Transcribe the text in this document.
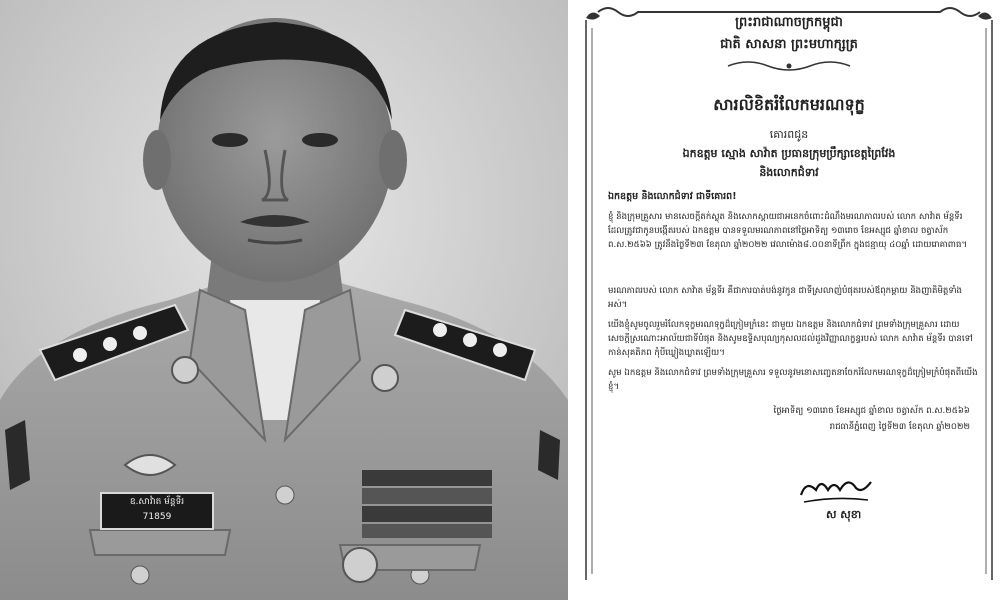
ឧ.សាវ៉ាត ម័ន្តទីរ
71859
ព្រះរាជាណាចក្រកម្ពុជា
ជាតិ សាសនា ព្រះមហាក្សត្រ
សារលិខិតរំលែកមរណទុក្ខ
គោរពជូន
ឯកឧត្តម ស្មោង សាវ៉ាត ប្រធានក្រុមប្រឹក្សាខេត្តព្រៃវែង
និងលោកជំទាវ
ឯកឧត្តម និងលោកជំទាវ ជាទីគោរព!
ខ្ញុំ និងក្រុមគ្រួសារ មានសេចក្ដីតក់ស្លុត និងសោកស្ដាយជាអនេកចំពោះដំណឹងមរណភាពរបស់ លោក សាវ៉ាត ម័ន្តទីរ ដែលត្រូវជាកូនបង្កើតរបស់ ឯកឧត្តម បានទទួលមរណភាពនៅថ្ងៃអាទិត្យ ១៣រោច ខែអស្សុជ ឆ្នាំខាល ចត្វាស័ក ព.ស.២៥៦៦ ត្រូវនឹងថ្ងៃទី២៣ ខែតុលា ឆ្នាំ២០២២ វេលាម៉ោង៨.០០នាទីព្រឹក ក្នុងជន្មាយុ ៤០ឆ្នាំ ដោយរោគាពាធ។
មរណភាពរបស់ លោក សាវ៉ាត ម័ន្តទីរ គឺជាការបាត់បង់នូវកូន ជាទីស្រលាញ់បំផុតរបស់ឪពុកម្ដាយ និងញាតិមិត្តទាំងអស់។
យើងខ្ញុំសូមចូលរួមរំលែកទុក្ខមរណទុក្ខដ៏ក្រៀមក្រំនេះ ជាមួយ ឯកឧត្តម និងលោកជំទាវ ព្រមទាំងក្រុមគ្រួសារ ដោយសេចក្ដីស្រណោះអាល័យជាទីបំផុត និងសូមឧទ្ទិសបុណ្យកុសលដល់ដួងវិញ្ញាណក្ខន្ធរបស់ លោក សាវ៉ាត ម័ន្តទីរ បានទៅកាន់សុគតិភព កុំបីឃ្លៀងឃ្លាតឡើយ។
សូម ឯកឧត្តម និងលោកជំទាវ ព្រមទាំងក្រុមគ្រួសារ ទទួលនូវមនោសញ្ចេតនាចែករំលែកមរណទុក្ខដ៏ក្រៀមក្រំបំផុតពីយើងខ្ញុំ។
ថ្ងៃអាទិត្យ ១៣រោច ខែអស្សុជ ឆ្នាំខាល ចត្វាស័ក ព.ស.២៥៦៦
រាជធានីភ្នំពេញ ថ្ងៃទី២៣ ខែតុលា ឆ្នាំ២០២២
ស សុខា
